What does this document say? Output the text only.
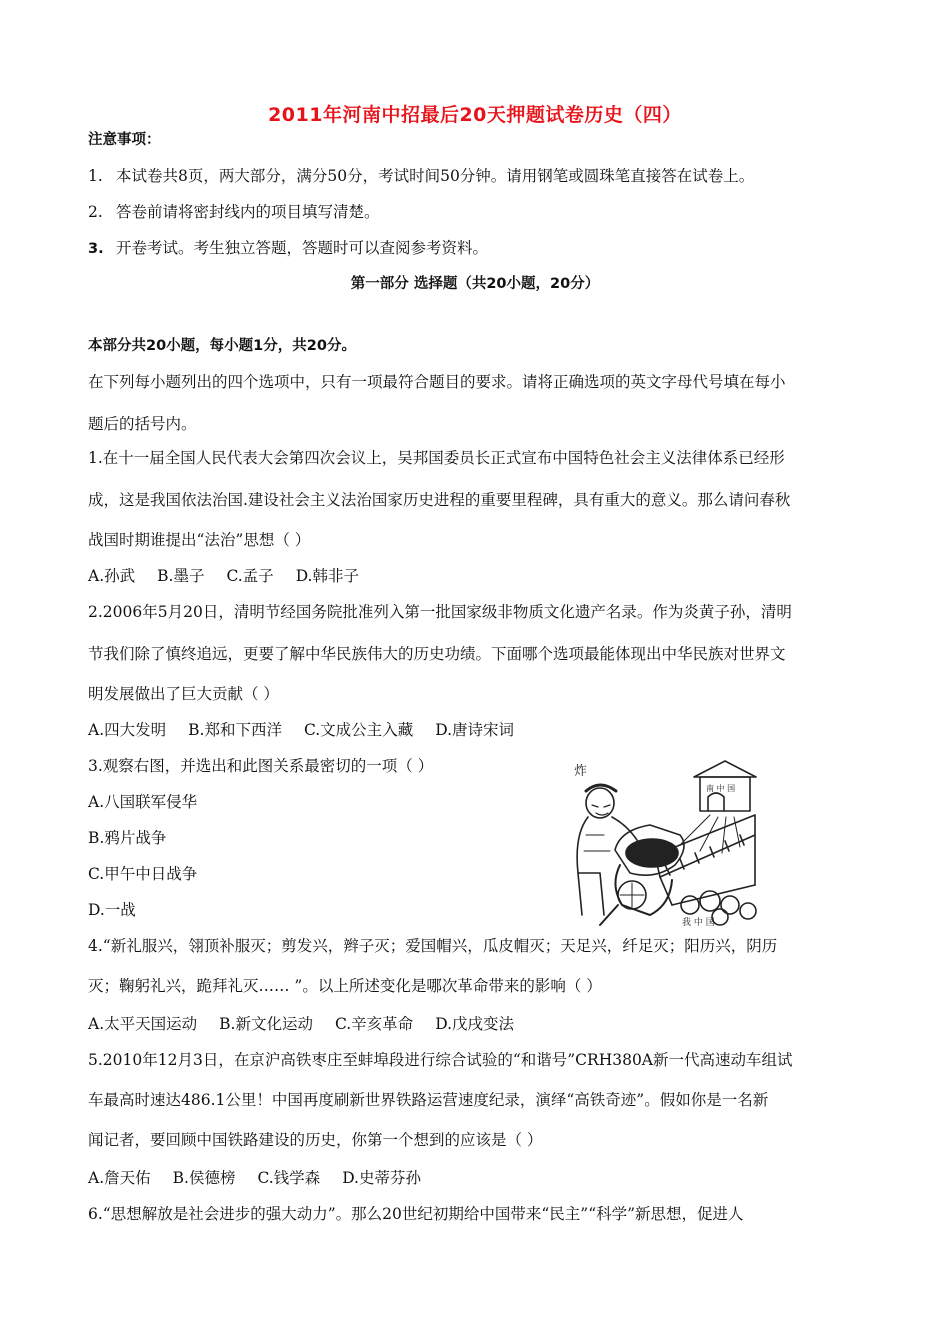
2011年河南中招最后20天押题试卷历史（四）
注意事项：
1. 本试卷共8页，两大部分，满分50分，考试时间50分钟。请用钢笔或圆珠笔直接答在试卷上。
2. 答卷前请将密封线内的项目填写清楚。
3. 开卷考试。考生独立答题，答题时可以查阅参考资料。
第一部分 选择题（共20小题，20分）
本部分共20小题，每小题1分，共20分。
在下列每小题列出的四个选项中，只有一项最符合题目的要求。请将正确选项的英文字母代号填在每小
题后的括号内。
1.在十一届全国人民代表大会第四次会议上，吴邦国委员长正式宣布中国特色社会主义法律体系已经形
成，这是我国依法治国.建设社会主义法治国家历史进程的重要里程碑，具有重大的意义。那么请问春秋
战国时期谁提出“法治”思想（ ）
A.孙武 B.墨子 C.孟子 D.韩非子
2.2006年5月20日，清明节经国务院批准列入第一批国家级非物质文化遗产名录。作为炎黄子孙，清明
节我们除了慎终追远，更要了解中华民族伟大的历史功绩。下面哪个选项最能体现出中华民族对世界文
明发展做出了巨大贡献（ ）
A.四大发明 B.郑和下西洋 C.文成公主入藏 D.唐诗宋词
3.观察右图，并选出和此图关系最密切的一项（ ）
A.八国联军侵华
B.鸦片战争
C.甲午中日战争
D.一战
炸
南 中 国
我 中 国
4.“新礼服兴，翎顶补服灭；剪发兴，辫子灭；爱国帽兴，瓜皮帽灭；天足兴，纤足灭；阳历兴，阴历
灭；鞠躬礼兴，跪拜礼灭…… ”。以上所述变化是哪次革命带来的影响（ ）
A.太平天国运动 B.新文化运动 C.辛亥革命 D.戊戌变法
5.2010年12月3日，在京沪高铁枣庄至蚌埠段进行综合试验的“和谐号”CRH380A新一代高速动车组试
车最高时速达486.1公里！中国再度刷新世界铁路运营速度纪录，演绎“高铁奇迹”。假如你是一名新
闻记者，要回顾中国铁路建设的历史，你第一个想到的应该是（ ）
A.詹天佑 B.侯德榜 C.钱学森 D.史蒂芬孙
6.“思想解放是社会进步的强大动力”。那么20世纪初期给中国带来“民主”“科学”新思想，促进人
